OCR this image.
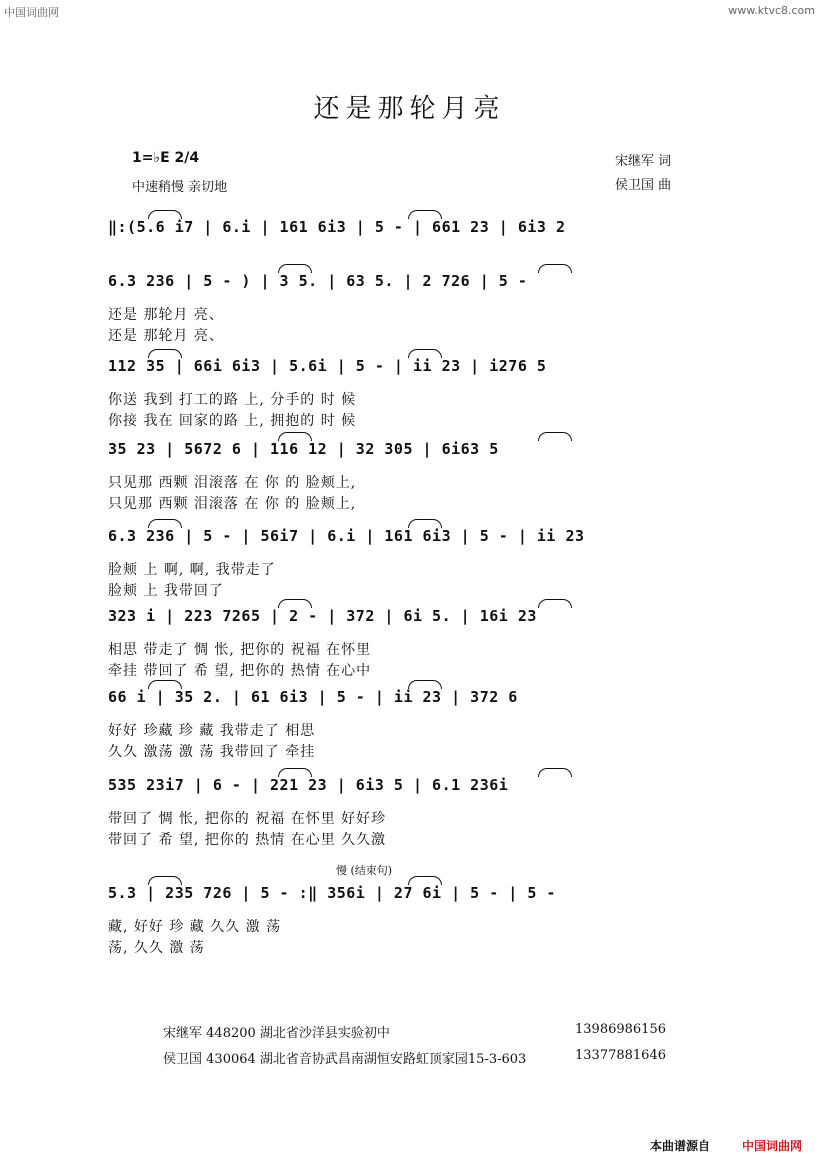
中国词曲网	www.ktvc8.com
还是那轮月亮
1=♭E 2/4
中速稍慢 亲切地
宋继军 词
侯卫国 曲
‖:(5.6 i7 | 6.i | 161 6i3 | 5 - | 661 23 | 6i3 2
6.3 236 | 5 - ) | 3 5. | 63 5. | 2 726 | 5 -
还是 那轮月 亮、
还是 那轮月 亮、
112 35 | 66i 6i3 | 5.6i | 5 - | ii 23 | i276 5
你送 我到 打工的路 上, 分手的 时 候
你接 我在 回家的路 上, 拥抱的 时 候
35 23 | 5672 6 | 116 12 | 32 305 | 6i63 5
只见那 西颗 泪滚落 在 你 的 脸颊上,
只见那 西颗 泪滚落 在 你 的 脸颊上,
6.3 236 | 5 - | 56i7 | 6.i | 161 6i3 | 5 - | ii 23
脸颊 上 啊, 啊, 我带走了
脸颊 上 我带回了
323 i | 223 7265 | 2 - | 372 | 6i 5. | 16i 23
相思 带走了 惆 怅, 把你的 祝福 在怀里
牵挂 带回了 希 望, 把你的 热情 在心中
66 i | 35 2. | 61 6i3 | 5 - | ii 23 | 372 6
好好 珍藏 珍 藏 我带走了 相思
久久 激荡 激 荡 我带回了 牵挂
535 23i7 | 6 - | 221 23 | 6i3 5 | 6.1 236i
带回了 惆 怅, 把你的 祝福 在怀里 好好珍
带回了 希 望, 把你的 热情 在心里 久久激
5.3 | 235 726 | 5 - :‖ 356i | 27 6i | 5 - | 5 -
藏, 好好 珍 藏 久久 激 荡
荡, 久久 激 荡
慢 (结束句)
宋继军 448200 湖北省沙洋县实验初中	13986986156
侯卫国 430064 湖北省音协武昌南湖恒安路虹顶家园15-3-603	13377881646
本曲谱源自	中国词曲网
